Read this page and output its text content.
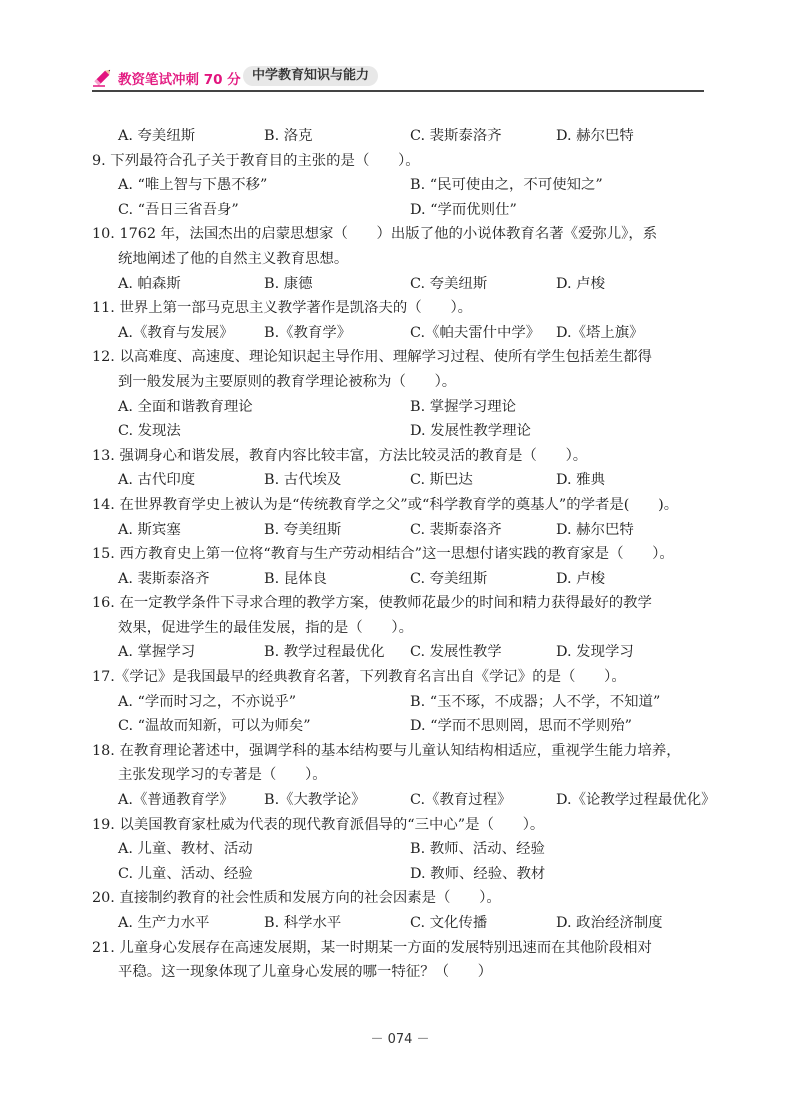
教资笔试冲刺 70 分 中学教育知识与能力
A. 夸美纽斯	B. 洛克	C. 裴斯泰洛齐	D. 赫尔巴特
9. 下列最符合孔子关于教育目的主张的是（　　）。
A. “唯上智与下愚不移”	B. “民可使由之，不可使知之”
C. “吾日三省吾身”	D. “学而优则仕”
10. 1762 年，法国杰出的启蒙思想家（　　）出版了他的小说体教育名著《爱弥儿》，系
统地阐述了他的自然主义教育思想。
A. 帕森斯	B. 康德	C. 夸美纽斯	D. 卢梭
11. 世界上第一部马克思主义教学著作是凯洛夫的（　　）。
A.《教育与发展》 B.《教育学》	C.《帕夫雷什中学》 D.《塔上旗》
12. 以高难度、高速度、理论知识起主导作用、理解学习过程、使所有学生包括差生都得
到一般发展为主要原则的教育学理论被称为（　　）。
A. 全面和谐教育理论	B. 掌握学习理论
C. 发现法	D. 发展性教学理论
13. 强调身心和谐发展，教育内容比较丰富，方法比较灵活的教育是（　　）。
A. 古代印度	B. 古代埃及	C. 斯巴达	D. 雅典
14. 在世界教育学史上被认为是“传统教育学之父”或“科学教育学的奠基人”的学者是(　　)。
A. 斯宾塞	B. 夸美纽斯	C. 裴斯泰洛齐	D. 赫尔巴特
15. 西方教育史上第一位将“教育与生产劳动相结合”这一思想付诸实践的教育家是（　　）。
A. 裴斯泰洛齐	B. 昆体良	C. 夸美纽斯	D. 卢梭
16. 在一定教学条件下寻求合理的教学方案，使教师花最少的时间和精力获得最好的教学
效果，促进学生的最佳发展，指的是（　　）。
A. 掌握学习	B. 教学过程最优化 C. 发展性教学	D. 发现学习
17.《学记》是我国最早的经典教育名著，下列教育名言出自《学记》的是（　　）。
A. “学而时习之，不亦说乎”	B. “玉不琢，不成器；人不学，不知道”
C. “温故而知新，可以为师矣”	D. “学而不思则罔，思而不学则殆”
18. 在教育理论著述中，强调学科的基本结构要与儿童认知结构相适应，重视学生能力培养，
主张发现学习的专著是（　　）。
A.《普通教育学》 B.《大教学论》	C.《教育过程》	D.《论教学过程最优化》
19. 以美国教育家杜威为代表的现代教育派倡导的“三中心”是（　　）。
A. 儿童、教材、活动	B. 教师、活动、经验
C. 儿童、活动、经验	D. 教师、经验、教材
20. 直接制约教育的社会性质和发展方向的社会因素是（　　）。
A. 生产力水平	B. 科学水平	C. 文化传播	D. 政治经济制度
21. 儿童身心发展存在高速发展期，某一时期某一方面的发展特别迅速而在其他阶段相对
平稳。这一现象体现了儿童身心发展的哪一特征？（　　）
－ 074 －
